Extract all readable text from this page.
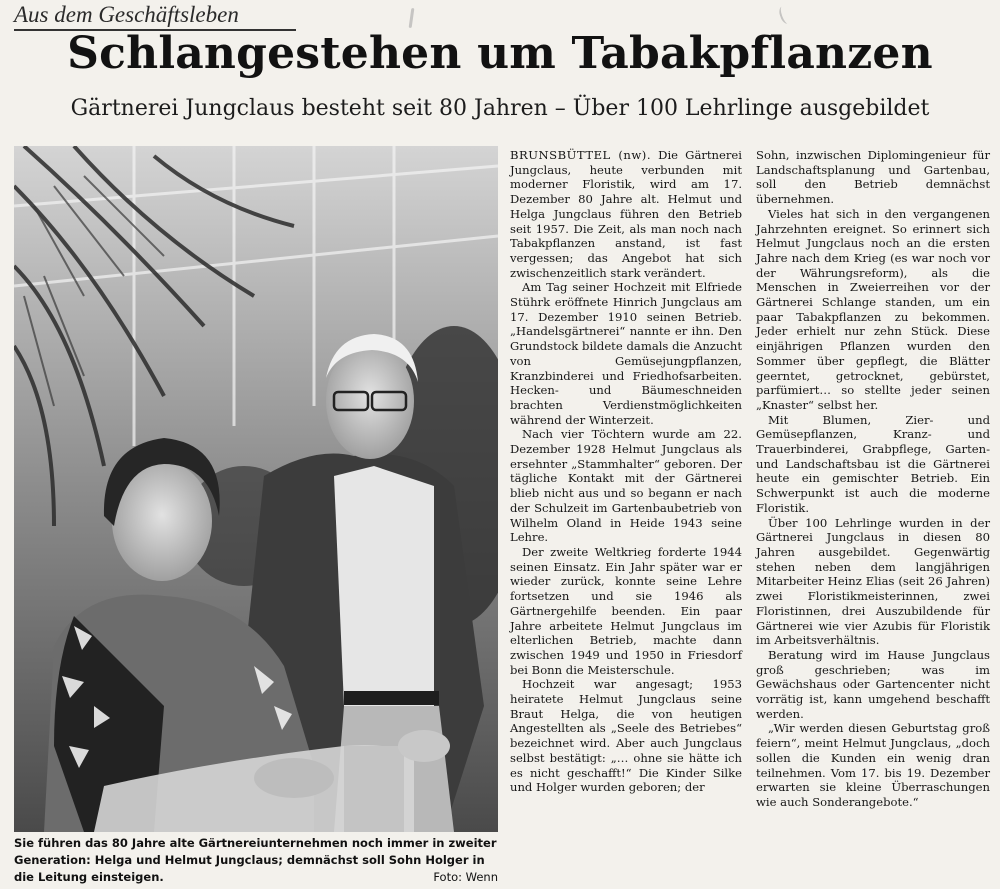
Aus dem Geschäftsleben
Schlangestehen um Tabakpflanzen
Gärtnerei Jungclaus besteht seit 80 Jahren – Über 100 Lehrlinge ausgebildet
Sie führen das 80 Jahre alte Gärtnereiunternehmen noch immer in zweiter Generation: Helga und Helmut Jungclaus; demnächst soll Sohn Holger in die Leitung einsteigen.	Foto: Wenn

BRUNSBÜTTEL (nw). Die Gärtnerei Jungclaus, heute verbunden mit moderner Floristik, wird am 17. Dezember 80 Jahre alt. Helmut und Helga Jungclaus führen den Betrieb seit 1957. Die Zeit, als man noch nach Tabakpflanzen anstand, ist fast vergessen; das Angebot hat sich zwischenzeitlich stark verändert.

Am Tag seiner Hochzeit mit Elfriede Stührk eröffnete Hinrich Jungclaus am 17. Dezember 1910 seinen Betrieb. „Handelsgärtnerei“ nannte er ihn. Den Grundstock bildete damals die Anzucht von Gemüsejungpflanzen, Kranzbinderei und Friedhofsarbeiten. Hecken- und Bäumeschneiden brachten Verdienstmöglichkeiten während der Winterzeit.

Nach vier Töchtern wurde am 22. Dezember 1928 Helmut Jungclaus als ersehnter „Stammhalter“ geboren. Der tägliche Kontakt mit der Gärtnerei blieb nicht aus und so begann er nach der Schulzeit im Gartenbaubetrieb von Wilhelm Oland in Heide 1943 seine Lehre.

Der zweite Weltkrieg forderte 1944 seinen Einsatz. Ein Jahr später war er wieder zurück, konnte seine Lehre fortsetzen und sie 1946 als Gärtnergehilfe beenden. Ein paar Jahre arbeitete Helmut Jungclaus im elterlichen Betrieb, machte dann zwischen 1949 und 1950 in Friesdorf bei Bonn die Meisterschule.

Hochzeit war angesagt; 1953 heiratete Helmut Jungclaus seine Braut Helga, die von heutigen Angestellten als „Seele des Betriebes“ bezeichnet wird. Aber auch Jungclaus selbst bestätigt: „… ohne sie hätte ich es nicht geschafft!“ Die Kinder Silke und Holger wurden geboren; der

Sohn, inzwischen Diplomingenieur für Landschaftsplanung und Gartenbau, soll den Betrieb demnächst übernehmen.

Vieles hat sich in den vergangenen Jahrzehnten ereignet. So erinnert sich Helmut Jungclaus noch an die ersten Jahre nach dem Krieg (es war noch vor der Währungsreform), als die Menschen in Zweierreihen vor der Gärtnerei Schlange standen, um ein paar Tabakpflanzen zu bekommen. Jeder erhielt nur zehn Stück. Diese einjährigen Pflanzen wurden den Sommer über gepflegt, die Blätter geerntet, getrocknet, gebürstet, parfümiert… so stellte jeder seinen „Knaster“ selbst her.

Mit Blumen, Zier- und Gemüsepflanzen, Kranz- und Trauerbinderei, Grabpflege, Garten- und Landschaftsbau ist die Gärtnerei heute ein gemischter Betrieb. Ein Schwerpunkt ist auch die moderne Floristik.

Über 100 Lehrlinge wurden in der Gärtnerei Jungclaus in diesen 80 Jahren ausgebildet. Gegenwärtig stehen neben dem langjährigen Mitarbeiter Heinz Elias (seit 26 Jahren) zwei Floristikmeisterinnen, zwei Floristinnen, drei Auszubildende für Gärtnerei wie vier Azubis für Floristik im Arbeitsverhältnis.

Beratung wird im Hause Jungclaus groß geschrieben; was im Gewächshaus oder Gartencenter nicht vorrätig ist, kann umgehend beschafft werden.

„Wir werden diesen Geburtstag groß feiern“, meint Helmut Jungclaus, „doch sollen die Kunden ein wenig dran teilnehmen. Vom 17. bis 19. Dezember erwarten sie kleine Überraschungen wie auch Sonderangebote.“
